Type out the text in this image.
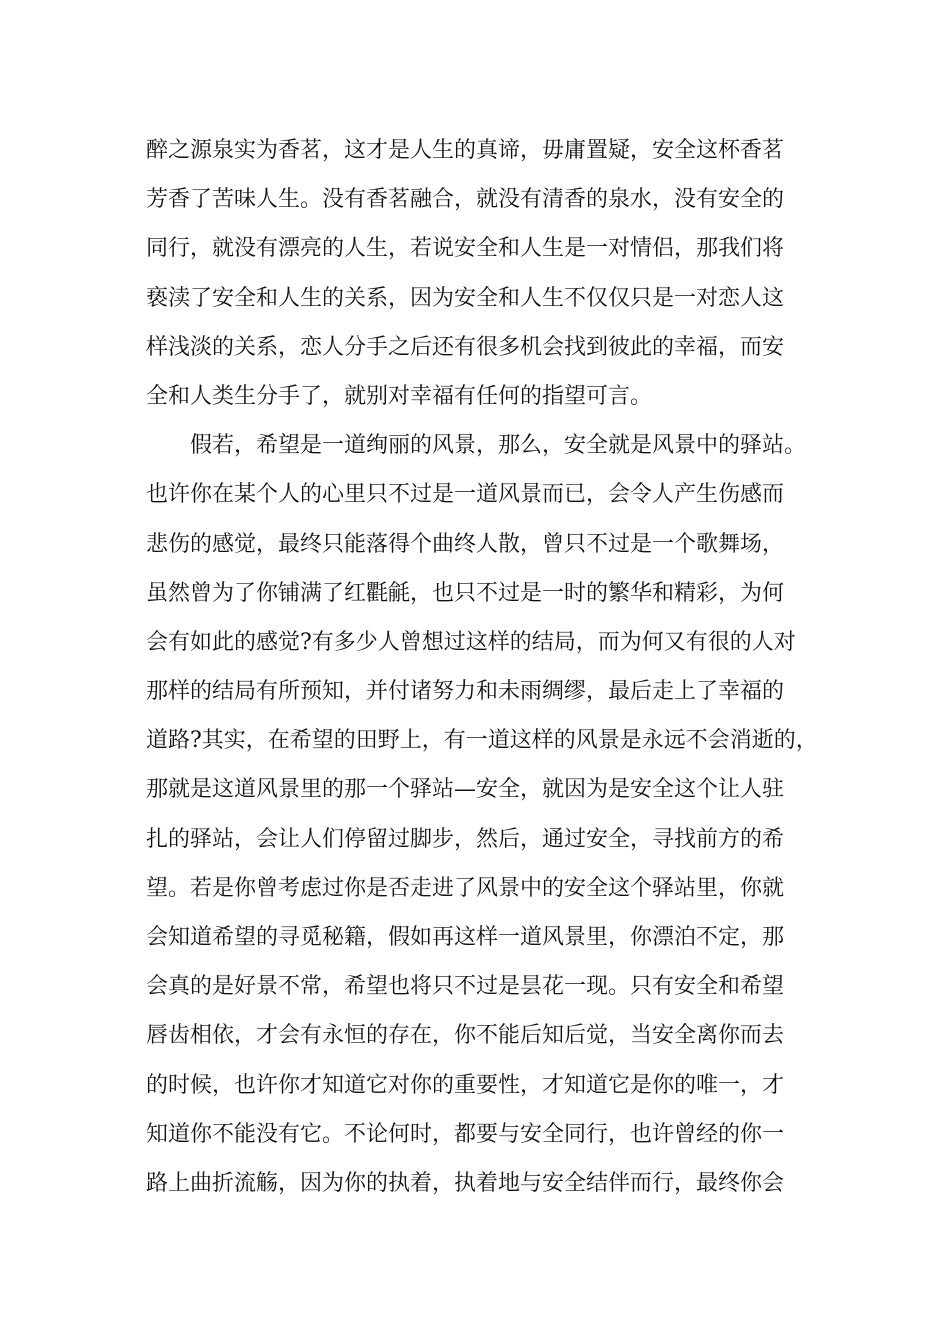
醉之源泉实为香茗，这才是人生的真谛，毋庸置疑，安全这杯香茗
芳香了苦味人生。没有香茗融合，就没有清香的泉水，没有安全的
同行，就没有漂亮的人生，若说安全和人生是一对情侣，那我们将
亵渎了安全和人生的关系，因为安全和人生不仅仅只是一对恋人这
样浅淡的关系，恋人分手之后还有很多机会找到彼此的幸福，而安
全和人类生分手了，就别对幸福有任何的指望可言。
假若，希望是一道绚丽的风景，那么，安全就是风景中的驿站。
也许你在某个人的心里只不过是一道风景而已，会令人产生伤感而
悲伤的感觉，最终只能落得个曲终人散，曾只不过是一个歌舞场，
虽然曾为了你铺满了红氍毹，也只不过是一时的繁华和精彩，为何
会有如此的感觉?有多少人曾想过这样的结局，而为何又有很的人对
那样的结局有所预知，并付诸努力和未雨绸缪，最后走上了幸福的
道路?其实，在希望的田野上，有一道这样的风景是永远不会消逝的，
那就是这道风景里的那一个驿站—安全，就因为是安全这个让人驻
扎的驿站，会让人们停留过脚步，然后，通过安全，寻找前方的希
望。若是你曾考虑过你是否走进了风景中的安全这个驿站里，你就
会知道希望的寻觅秘籍，假如再这样一道风景里，你漂泊不定，那
会真的是好景不常，希望也将只不过是昙花一现。只有安全和希望
唇齿相依，才会有永恒的存在，你不能后知后觉，当安全离你而去
的时候，也许你才知道它对你的重要性，才知道它是你的唯一，才
知道你不能没有它。不论何时，都要与安全同行，也许曾经的你一
路上曲折流觞，因为你的执着，执着地与安全结伴而行，最终你会
